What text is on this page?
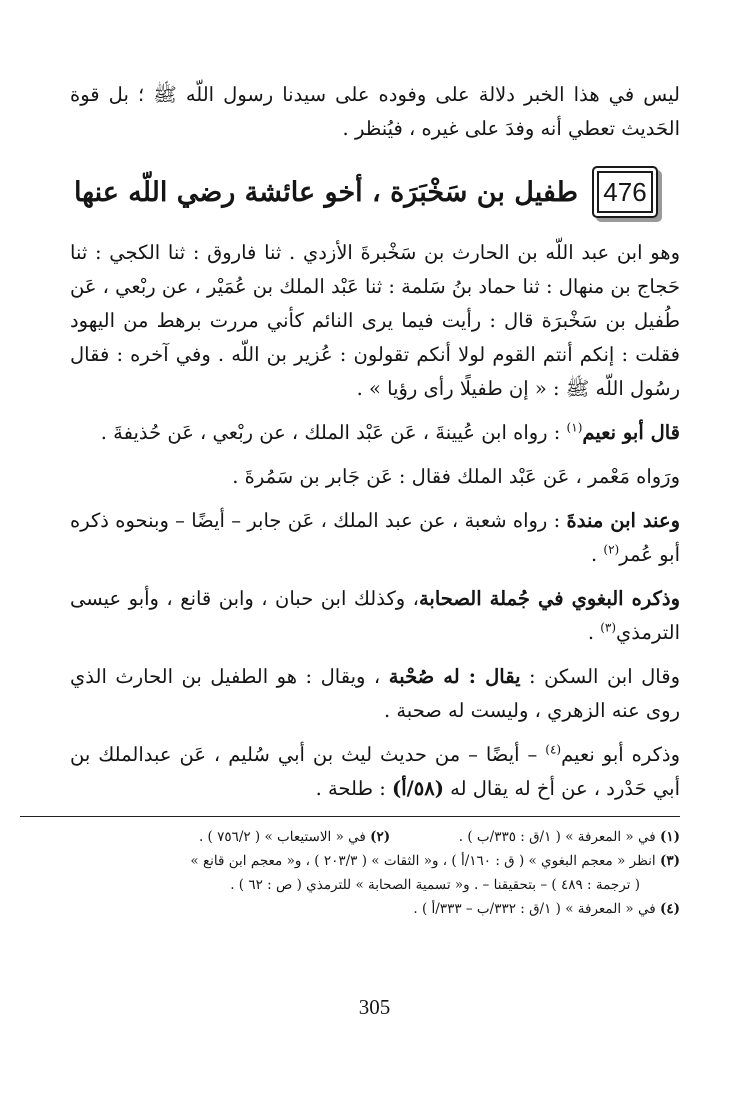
ليس في هذا الخبر دلالة على وفوده على سيدنا رسول اللّه ﷺ ؛ بل قوة الحَديث تعطي أنه وفدَ على غيره ، فيُنظر .

476
طفيل بن سَخْبَرَة ، أخو عائشة رضي اللّه عنها

وهو ابن عبد اللّه بن الحارث بن سَخْبرةَ الأزدي . ثنا فاروق : ثنا الكجي : ثنا حَجاج بن منهال : ثنا حماد بنُ سَلمة : ثنا عَبْد الملك بن عُمَيْر ، عن ربْعي ، عَن طُفيل بن سَخْبرَة قال : رأيت فيما يرى النائم كأني مررت برهط من اليهود فقلت : إنكم أنتم القوم لولا أنكم تقولون : عُزير بن اللّه . وفي آخره : فقال رسُول اللّه ﷺ : « إن طفيلًا رأى رؤيا » .

قال أبو نعيم$^{(١)}$ : رواه ابن عُيينةَ ، عَن عَبْد الملك ، عن ربْعي ، عَن حُذيفةَ .

ورَواه مَعْمر ، عَن عَبْد الملك فقال : عَن جَابر بن سَمُرةَ .

وعند ابن مندةَ : رواه شعبة ، عن عبد الملك ، عَن جابر – أيضًا – وبنحوه ذكره أبو عُمر$^{(٢)}$ .

وذكره البغوي في جُملة الصحابة، وكذلك ابن حبان ، وابن قانع ، وأبو عيسى الترمذي$^{(٣)}$ .

وقال ابن السكن : يقال : له صُحْبة ، ويقال : هو الطفيل بن الحارث الذي روى عنه الزهري ، وليست له صحبة .

وذكره أبو نعيم$^{(٤)}$ – أيضًا – من حديث ليث بن أبي سُليم ، عَن عبدالملك بن أبي حَدْرد ، عن أخ له يقال له (٥٨/أ) : طلحة .

(١) في « المعرفة » ( ١/ق : ٣٣٥/ب ) .  (٢) في « الاستيعاب » ( ٧٥٦/٢ ) .

(٣) انظر « معجم البغوي » ( ق : ١٦٠/أ ) ، و« الثقات » ( ٢٠٣/٣ ) ، و« معجم ابن قانع »

( ترجمة : ٤٨٩ ) – بتحقيقنا – . و« تسمية الصحابة » للترمذي ( ص : ٦٢ ) .

(٤) في « المعرفة » ( ١/ق : ٣٣٢/ب – ٣٣٣/أ ) .

305
